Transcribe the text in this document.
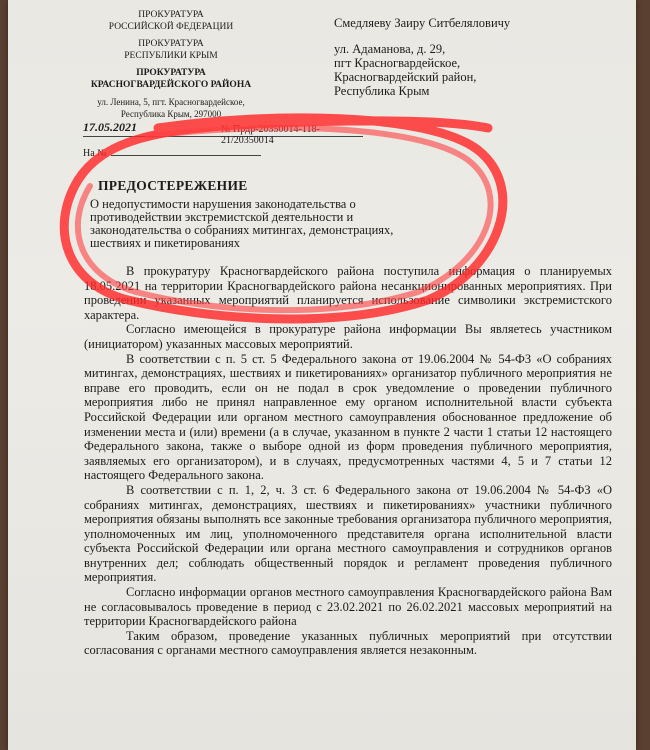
ПРОКУРАТУРА
РОССИЙСКОЙ ФЕДЕРАЦИИ
ПРОКУРАТУРА
РЕСПУБЛИКИ КРЫМ
ПРОКУРАТУРА
КРАСНОГВАРДЕЙСКОГО РАЙОНА
ул. Ленина, 5, пгт. Красногвардейское,
Республика Крым, 297000
Смедляеву Заиру Ситбеляловичу
ул. Адаманова, д. 29,
пгт Красногвардейское,
Красногвардейский район,
Республика Крым
17.05.2021	№ Прдр-20350014-118-21/20350014
На №
ПРЕДОСТЕРЕЖЕНИЕ
О недопустимости нарушения законодательства о противодействии экстремистской деятельности и законодательства о собраниях митингах, демонстрациях, шествиях и пикетированиях

В прокуратуру Красногвардейского района поступила информация о планируемых 18.05.2021 на территории Красногвардейского района несанкционированных мероприятиях. При проведении указанных мероприятий планируется использование символики экстремистского характера.

Согласно имеющейся в прокуратуре района информации Вы являетесь участником (инициатором) указанных массовых мероприятий.

В соответствии с п. 5 ст. 5 Федерального закона от 19.06.2004 № 54-ФЗ «О собраниях митингах, демонстрациях, шествиях и пикетированиях» организатор публичного мероприятия не вправе его проводить, если он не подал в срок уведомление о проведении публичного мероприятия либо не принял направленное ему органом исполнительной власти субъекта Российской Федерации или органом местного самоуправления обоснованное предложение об изменении места и (или) времени (а в случае, указанном в пункте 2 части 1 статьи 12 настоящего Федерального закона, также о выборе одной из форм проведения публичного мероприятия, заявляемых его организатором), и в случаях, предусмотренных частями 4, 5 и 7 статьи 12 настоящего Федерального закона.

В соответствии с п. 1, 2, ч. 3 ст. 6 Федерального закона от 19.06.2004 № 54-ФЗ «О собраниях митингах, демонстрациях, шествиях и пикетированиях» участники публичного мероприятия обязаны выполнять все законные требования организатора публичного мероприятия, уполномоченных им лиц, уполномоченного представителя органа исполнительной власти субъекта Российской Федерации или органа местного самоуправления и сотрудников органов внутренних дел; соблюдать общественный порядок и регламент проведения публичного мероприятия.

Согласно информации органов местного самоуправления Красногвардейского района Вам не согласовывалось проведение в период с 23.02.2021 по 26.02.2021 массовых мероприятий на территории Красногвардейского района

Таким образом, проведение указанных публичных мероприятий при отсутствии согласования с органами местного самоуправления является незаконным.
